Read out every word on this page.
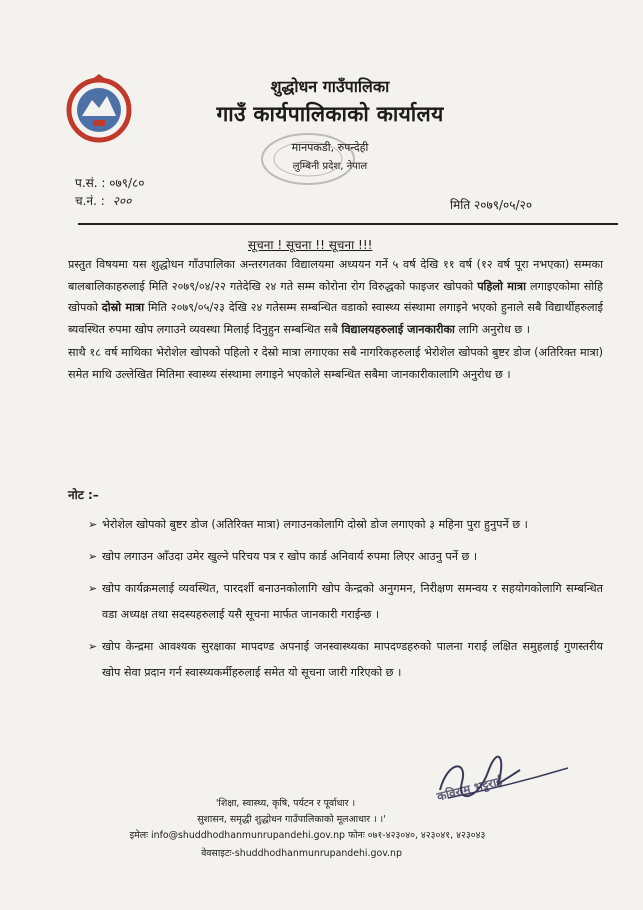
शुद्धोधन गाउँपालिका
गाउँ कार्यपालिकाको कार्यालय
मानपकडी, रुपन्देही
लुम्बिनी प्रदेश, नेपाल
प.सं. : ०७९/८०
च.नं. : २००	मिति २०७९/०५/२०
सूचना ! सूचना !! सूचना !!!

प्रस्तुत विषयमा यस शुद्धोधन गाँउपालिका अन्तरगतका विद्यालयमा अध्ययन गर्ने ५ वर्ष देखि ११ वर्ष (१२ वर्ष पूरा नभएका) सम्मका बालबालिकाहरुलाई मिति २०७९/०४/२२ गतेदेखि २४ गते सम्म कोरोना रोग विरुद्धको फाइजर खोपको पहिलो मात्रा लगाइएकोमा सोहि खोपको दोस्रो मात्रा मिति २०७९/०५/२३ देखि २४ गतेसम्म सम्बन्धित वडाको स्वास्थ्य संस्थामा लगाइने भएको हुनाले सबै विद्यार्थीहरुलाई ब्यवस्थित रुपमा खोप लगाउने व्यवस्था मिलाई दिनुहुन सम्बन्धित सबै विद्यालयहरुलाई जानकारीका लागि अनुरोध छ ।

साथै १८ वर्ष माथिका भेरोशेल खोपको पहिलो र देस्रो मात्रा लगाएका सबै नागरिकहरुलाई भेरोशेल खोपको बुष्टर डोज (अतिरिक्त मात्रा) समेत माथि उल्लेखित मितिमा स्वास्थ्य संस्थामा लगाइने भएकोले सम्बन्धित सबैमा जानकारीकालागि अनुरोध छ ।

नोट :–
➢ भेरोशेल खोपको बुष्टर डोज (अतिरिक्त मात्रा) लगाउनकोलागि दोस्रो डोज लगाएको ३ महिना पुरा हुनुपर्ने छ ।
➢ खोप लगाउन आँउदा उमेर खुल्ने परिचय पत्र र खोप कार्ड अनिवार्य रुपमा लिएर आउनु पर्ने छ ।
➢ खोप कार्यक्रमलाई व्यवस्थित, पारदर्शी बनाउनकोलागि खोप केन्द्रको अनुगमन, निरीक्षण समन्वय र सहयोगकोलागि सम्बन्धित वडा अध्यक्ष तथा सदस्यहरुलाई यसै सूचना मार्फत जानकारी गराईन्छ ।
➢ खोप केन्द्रमा आवश्यक सुरक्षाका मापदण्ड अपनाई जनस्वास्थ्यका मापदण्डहरुको पालना गराई लक्षित समुहलाई गुणस्तरीय खोप सेवा प्रदान गर्न स्वास्थ्यकर्मीहरुलाई समेत यो सूचना जारी गरिएको छ ।
कविराम भट्टराई
'शिक्षा, स्वास्थ्य, कृषि, पर्यटन र पूर्वाधार ।
सुशासन, समृद्धी शुद्धोधन गाउँपालिकाको मूलआधार । ।'
इमेलः info@shuddhodhanmunrupandehi.gov.np फोनः ०७१-४२३०४०, ४२३०४१, ४२३०४३
वेवसाइटः-shuddhodhanmunrupandehi.gov.np
